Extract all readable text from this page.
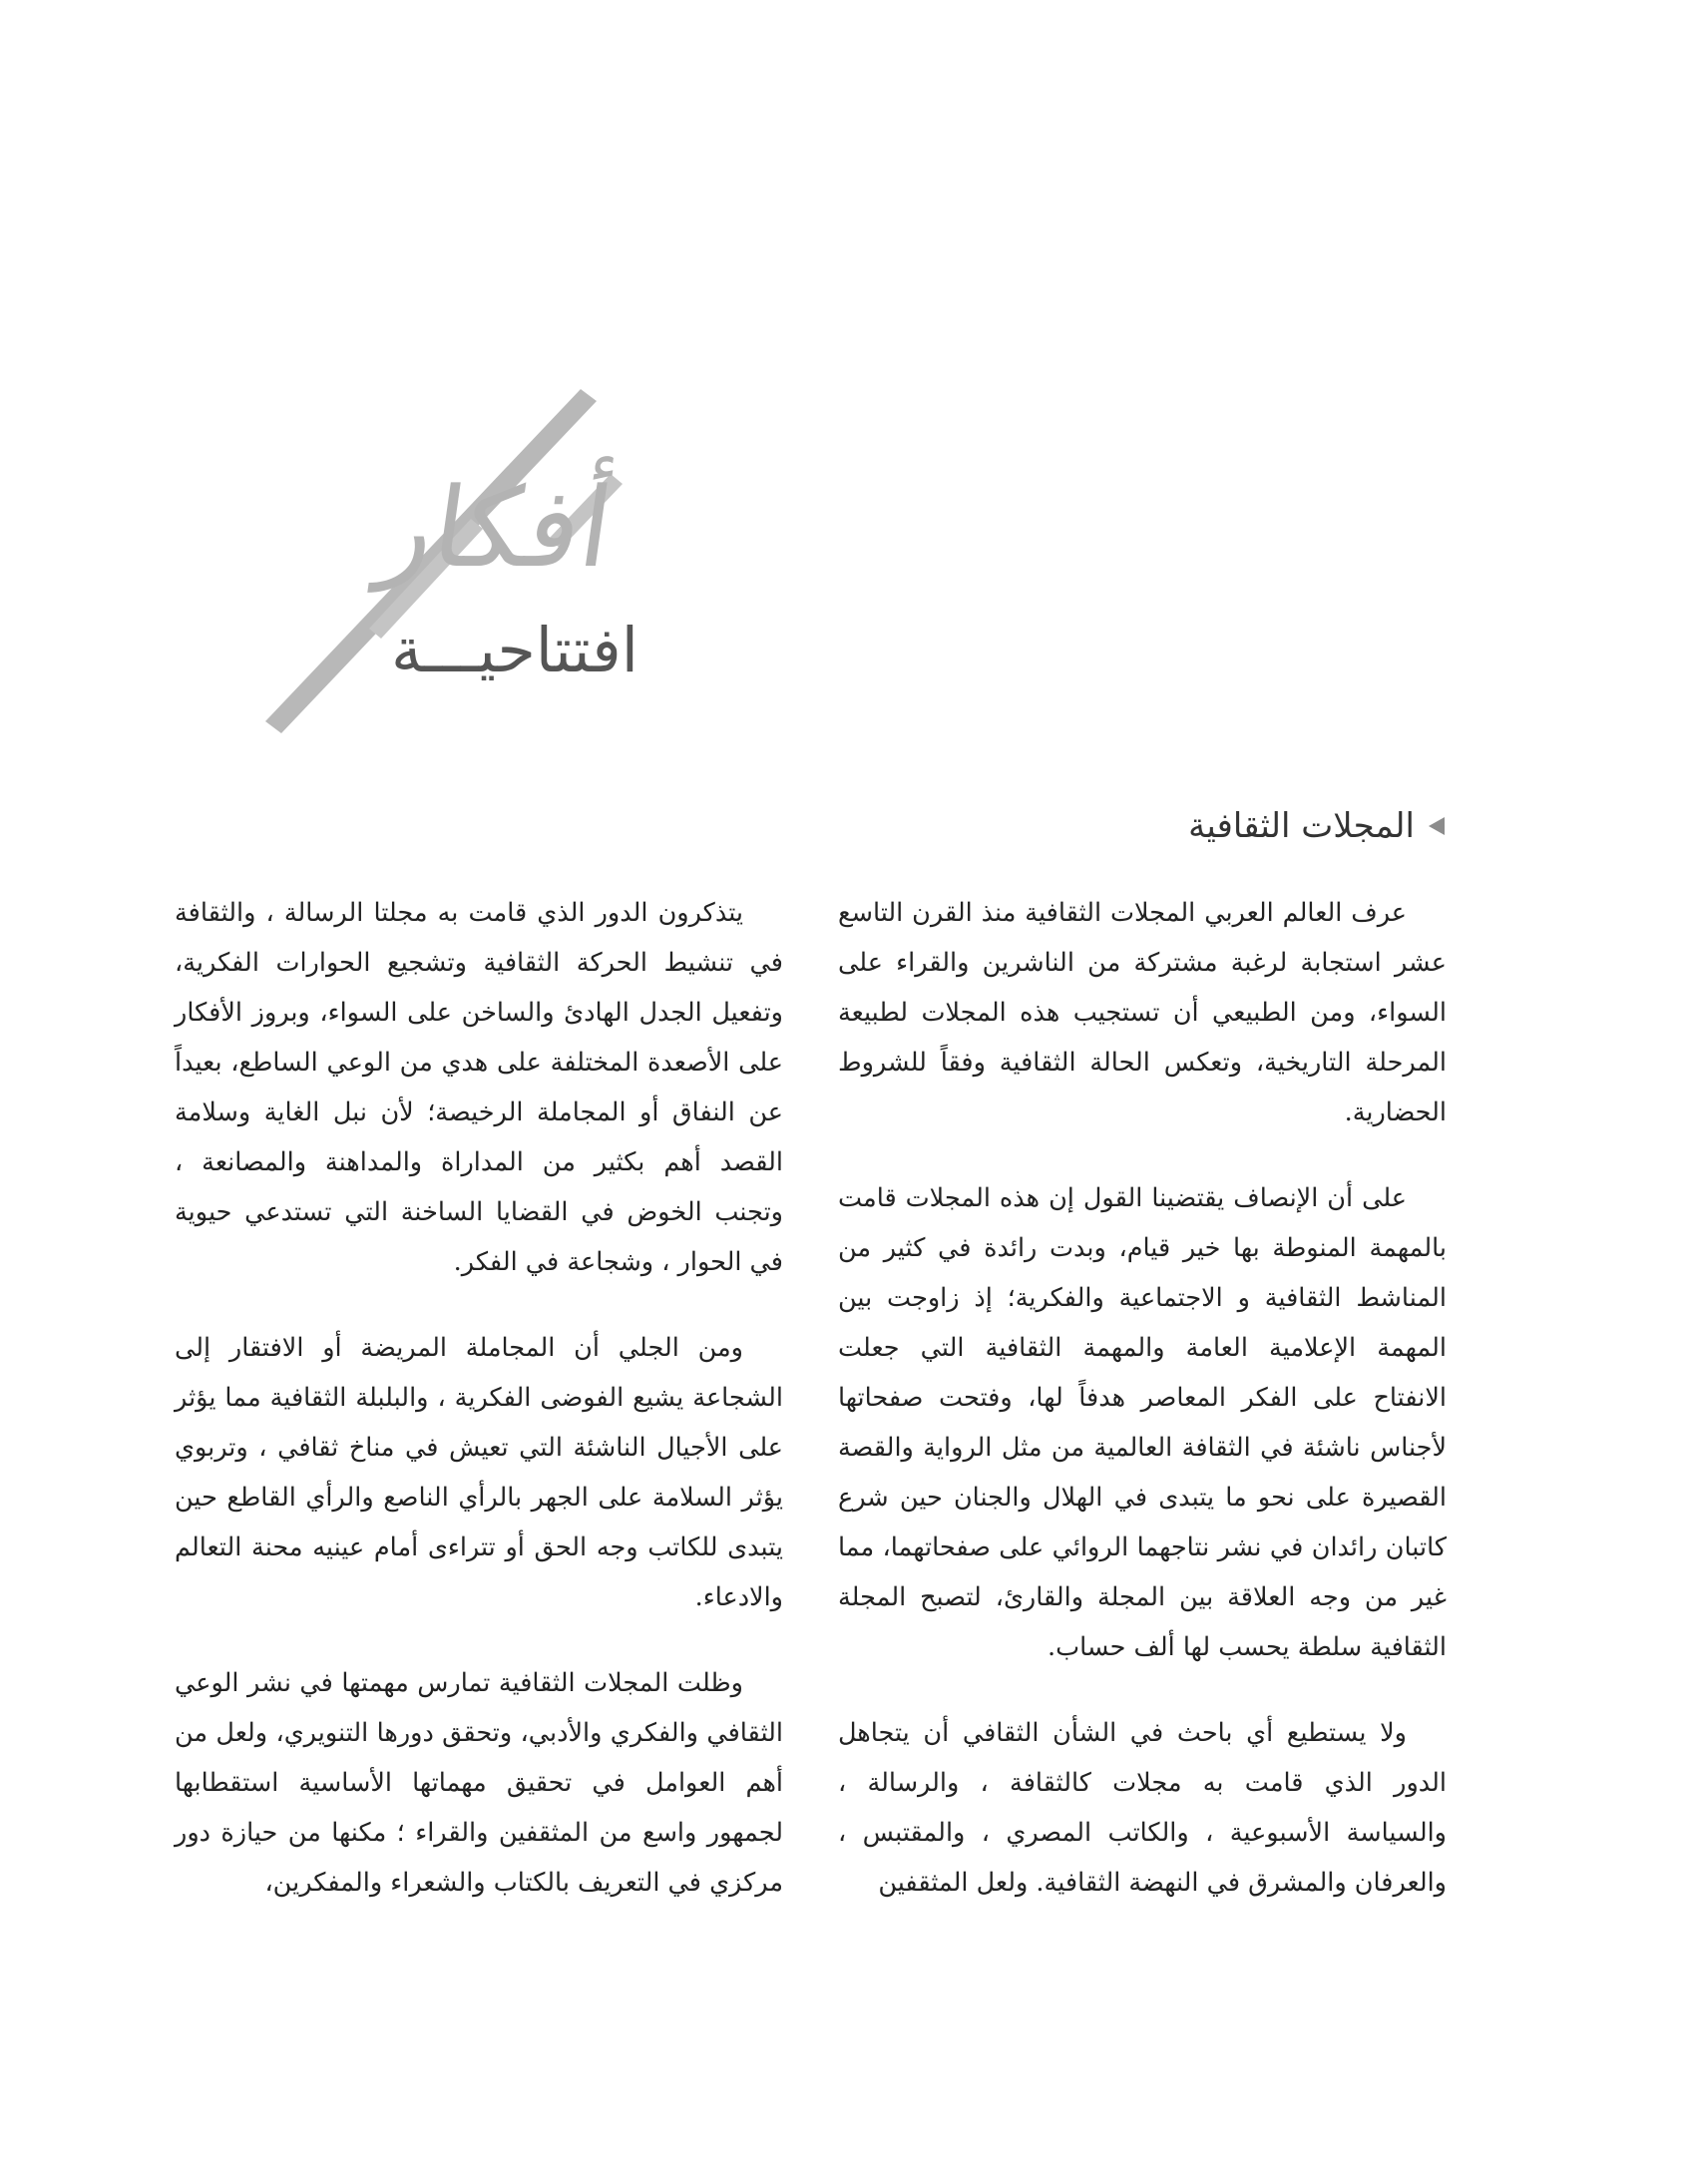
أفكار
افتتاحيـــة
المجلات الثقافية

عرف العالم العربي المجلات الثقافية منذ القرن التاسع عشر استجابة لرغبة مشتركة من الناشرين والقراء على السواء، ومن الطبيعي أن تستجيب هذه المجلات لطبيعة المرحلة التاريخية، وتعكس الحالة الثقافية وفقاً للشروط الحضارية.

على أن الإنصاف يقتضينا القول إن هذه المجلات قامت بالمهمة المنوطة بها خير قيام، وبدت رائدة في كثير من المناشط الثقافية و الاجتماعية والفكرية؛ إذ زاوجت بين المهمة الإعلامية العامة والمهمة الثقافية التي جعلت الانفتاح على الفكر المعاصر هدفاً لها، وفتحت صفحاتها لأجناس ناشئة في الثقافة العالمية من مثل الرواية والقصة القصيرة على نحو ما يتبدى في الهلال والجنان حين شرع كاتبان رائدان في نشر نتاجهما الروائي على صفحاتهما، مما غير من وجه العلاقة بين المجلة والقارئ، لتصبح المجلة الثقافية سلطة يحسب لها ألف حساب.

ولا يستطيع أي باحث في الشأن الثقافي أن يتجاهل الدور الذي قامت به مجلات كالثقافة ، والرسالة ، والسياسة الأسبوعية ، والكاتب المصري ، والمقتبس ، والعرفان والمشرق في النهضة الثقافية. ولعل المثقفين

يتذكرون الدور الذي قامت به مجلتا الرسالة ، والثقافة في تنشيط الحركة الثقافية وتشجيع الحوارات الفكرية، وتفعيل الجدل الهادئ والساخن على السواء، وبروز الأفكار على الأصعدة المختلفة على هدي من الوعي الساطع، بعيداً عن النفاق أو المجاملة الرخيصة؛ لأن نبل الغاية وسلامة القصد أهم بكثير من المداراة والمداهنة والمصانعة ، وتجنب الخوض في القضايا الساخنة التي تستدعي حيوية في الحوار ، وشجاعة في الفكر.

ومن الجلي أن المجاملة المريضة أو الافتقار إلى الشجاعة يشيع الفوضى الفكرية ، والبلبلة الثقافية مما يؤثر على الأجيال الناشئة التي تعيش في مناخ ثقافي ، وتربوي يؤثر السلامة على الجهر بالرأي الناصع والرأي القاطع حين يتبدى للكاتب وجه الحق أو تتراءى أمام عينيه محنة التعالم والادعاء.

وظلت المجلات الثقافية تمارس مهمتها في نشر الوعي الثقافي والفكري والأدبي، وتحقق دورها التنويري، ولعل من أهم العوامل في تحقيق مهماتها الأساسية استقطابها لجمهور واسع من المثقفين والقراء ؛ مكنها من حيازة دور مركزي في التعريف بالكتاب والشعراء والمفكرين،
